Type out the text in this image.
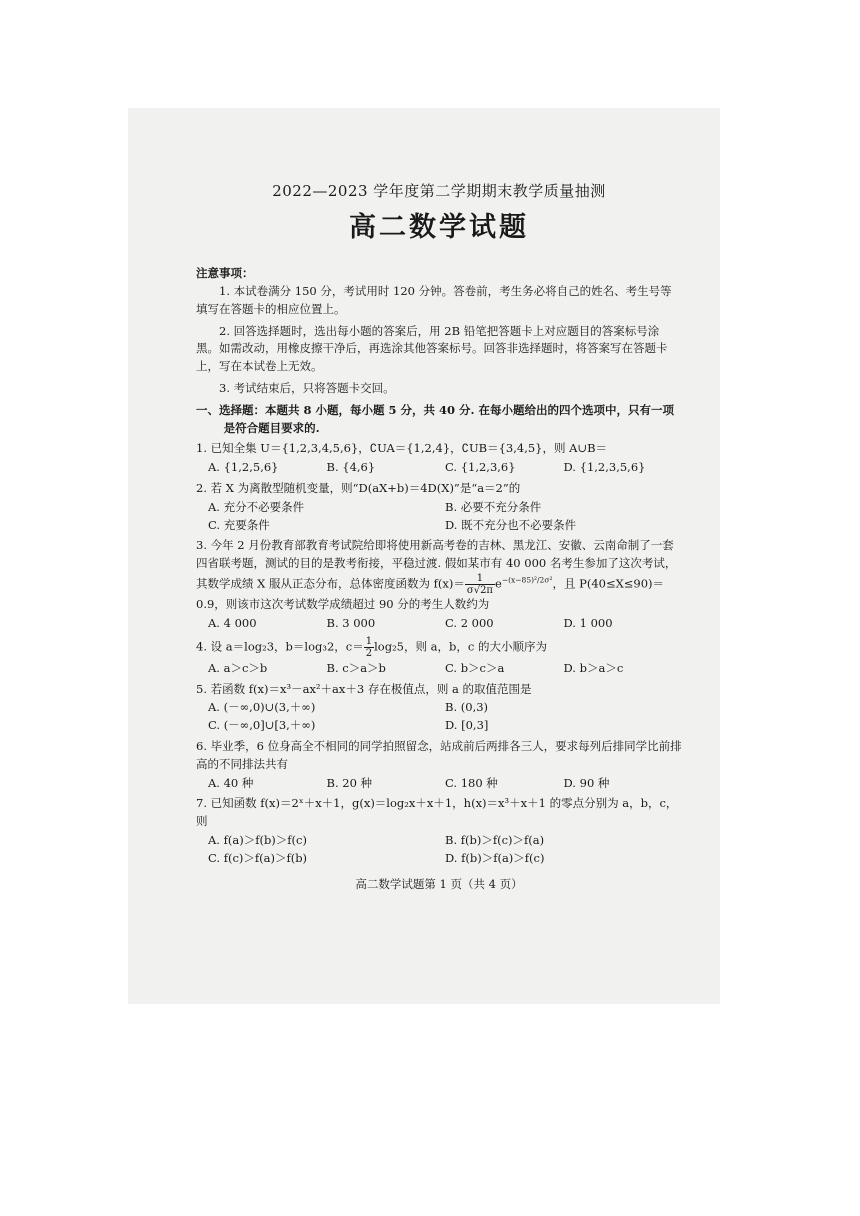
2022—2023 学年度第二学期期末教学质量抽测
高二数学试题
注意事项：

1. 本试卷满分 150 分，考试用时 120 分钟。答卷前，考生务必将自己的姓名、考生号等填写在答题卡的相应位置上。

2. 回答选择题时，选出每小题的答案后，用 2B 铅笔把答题卡上对应题目的答案标号涂黑。如需改动，用橡皮擦干净后，再选涂其他答案标号。回答非选择题时，将答案写在答题卡上，写在本试卷上无效。

3. 考试结束后，只将答题卡交回。

一、选择题：本题共 8 小题，每小题 5 分，共 40 分. 在每小题给出的四个选项中，只有一项是符合题目要求的.

1. 已知全集 U＝{1,2,3,4,5,6}，∁UA＝{1,2,4}，∁UB＝{3,4,5}，则 A∪B＝

A. {1,2,5,6}	B. {4,6}	C. {1,2,3,6}	D. {1,2,3,5,6}

2. 若 X 为离散型随机变量，则“D(aX+b)＝4D(X)”是“a＝2”的

A. 充分不必要条件	B. 必要不充分条件
C. 充要条件	D. 既不充分也不必要条件

3. 今年 2 月份教育部教育考试院给即将使用新高考卷的吉林、黑龙江、安徽、云南命制了一套四省联考题，测试的目的是教考衔接，平稳过渡. 假如某市有 40 000 名考生参加了这次考试，其数学成绩 X 服从正态分布，总体密度函数为 $f(x)= \frac{1}{\sigma√2\pi} e^{-(x-85)^2/2\sigma^2}$，且 P(40≤X≤90)＝0.9，则该市这次考试数学成绩超过 90 分的考生人数约为

A. 4 000	B. 3 000	C. 2 000	D. 1 000

4. 设 a＝log₂3，b＝log₃2，$c= \frac{1}{2} \log_25$，则 a，b，c 的大小顺序为

A. a＞c＞b	B. c＞a＞b	C. b＞c＞a	D. b＞a＞c

5. 若函数 f(x)＝x³－ax²＋ax＋3 存在极值点，则 a 的取值范围是

A. (－∞,0)∪(3,＋∞)	B. (0,3)
C. (－∞,0]∪[3,＋∞)	D. [0,3]

6. 毕业季，6 位身高全不相同的同学拍照留念，站成前后两排各三人，要求每列后排同学比前排高的不同排法共有

A. 40 种	B. 20 种	C. 180 种	D. 90 种

7. 已知函数 f(x)＝2ˣ＋x＋1，g(x)＝log₂x＋x＋1，h(x)＝x³＋x＋1 的零点分别为 a，b，c，则

A. f(a)＞f(b)＞f(c)	B. f(b)＞f(c)＞f(a)
C. f(c)＞f(a)＞f(b)	D. f(b)＞f(a)＞f(c)
高二数学试题第 1 页（共 4 页）
